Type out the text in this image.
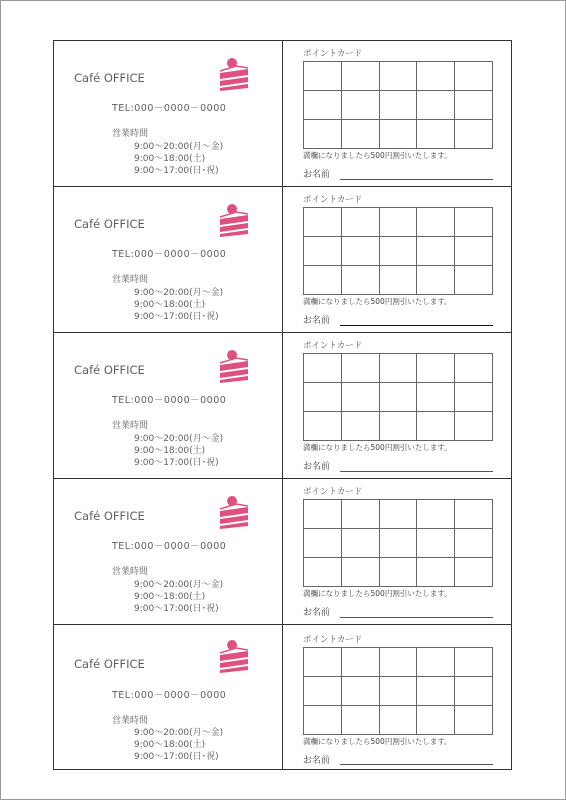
Café OFFICE
TEL:000－0000－0000
営業時間
9:00～20:00(月～金)
9:00～18:00(土)
9:00～17:00(日･祝)
ポイントカード
満欄になりましたら500円割引いたします。
お名前
Café OFFICE
TEL:000－0000－0000
営業時間
9:00～20:00(月～金)
9:00～18:00(土)
9:00～17:00(日･祝)
ポイントカード
満欄になりましたら500円割引いたします。
お名前
Café OFFICE
TEL:000－0000－0000
営業時間
9:00～20:00(月～金)
9:00～18:00(土)
9:00～17:00(日･祝)
ポイントカード
満欄になりましたら500円割引いたします。
お名前
Café OFFICE
TEL:000－0000－0000
営業時間
9:00～20:00(月～金)
9:00～18:00(土)
9:00～17:00(日･祝)
ポイントカード
満欄になりましたら500円割引いたします。
お名前
Café OFFICE
TEL:000－0000－0000
営業時間
9:00～20:00(月～金)
9:00～18:00(土)
9:00～17:00(日･祝)
ポイントカード
満欄になりましたら500円割引いたします。
お名前
